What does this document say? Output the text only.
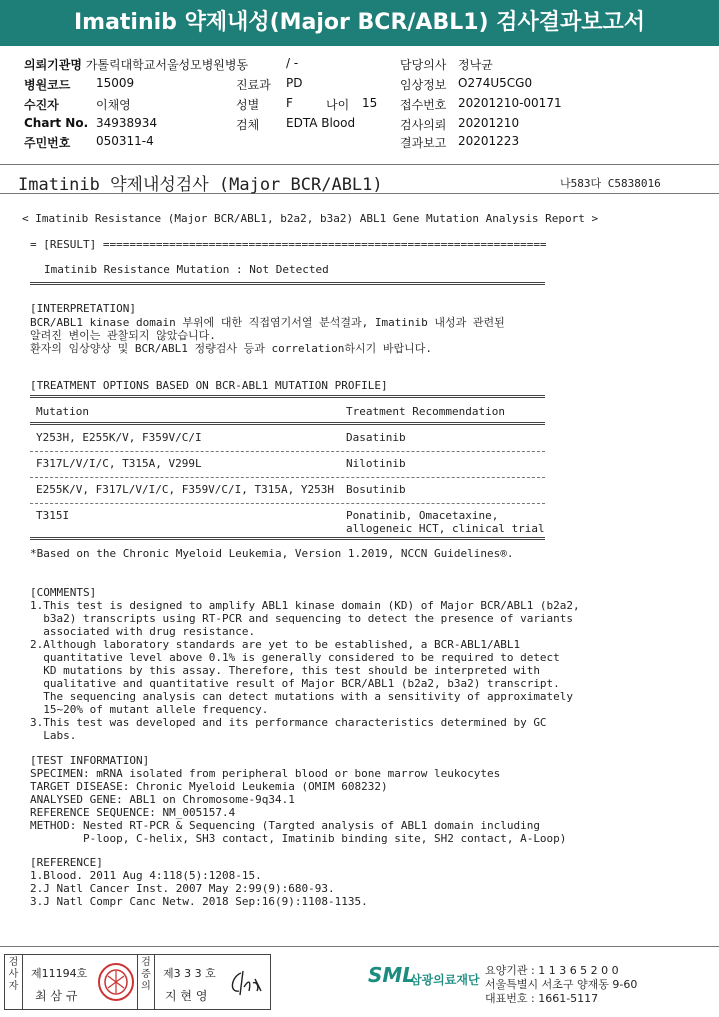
Imatinib 약제내성(Major BCR/ABL1) 검사결과보고서
의뢰기관명 가톨릭대학교서울성모병원병동
병원코드 15009
수진자	이채영
Chart No. 34938934
주민번호 050311-4
/ -
진료과 PD
성별 F	나이 15
검체 EDTA Blood
담당의사 정낙균
임상정보 O274U5CG0
접수번호 20201210-00171
검사의뢰 20201210
결과보고 20201223
Imatinib 약제내성검사 (Major BCR/ABL1)	나583다 C5838016
< Imatinib Resistance (Major BCR/ABL1, b2a2, b3a2) ABL1 Gene Mutation Analysis Report >
= [RESULT] ===================================================================
Imatinib Resistance Mutation : Not Detected
[INTERPRETATION]
BCR/ABL1 kinase domain 부위에 대한 직접염기서열 분석결과, Imatinib 내성과 관련된
알려진 변이는 관찰되지 않았습니다.
환자의 임상양상 및 BCR/ABL1 정량검사 등과 correlation하시기 바랍니다.
[TREATMENT OPTIONS BASED ON BCR-ABL1 MUTATION PROFILE]
Mutation	Treatment Recommendation
Y253H, E255K/V, F359V/C/I	Dasatinib
F317L/V/I/C, T315A, V299L	Nilotinib
E255K/V, F317L/V/I/C, F359V/C/I, T315A, Y253H Bosutinib
T315I	Ponatinib, Omacetaxine,
allogeneic HCT, clinical trial
*Based on the Chronic Myeloid Leukemia, Version 1.2019, NCCN Guidelines®.
[COMMENTS]
1.This test is designed to amplify ABL1 kinase domain (KD) of Major BCR/ABL1 (b2a2,
b3a2) transcripts using RT-PCR and sequencing to detect the presence of variants
associated with drug resistance.
2.Although laboratory standards are yet to be established, a BCR-ABL1/ABL1
quantitative level above 0.1% is generally considered to be required to detect
KD mutations by this assay. Therefore, this test should be interpreted with
qualitative and quantitative result of Major BCR/ABL1 (b2a2, b3a2) transcript.
The sequencing analysis can detect mutations with a sensitivity of approximately
15~20% of mutant allele frequency.
3.This test was developed and its performance characteristics determined by GC
Labs.
[TEST INFORMATION]
SPECIMEN: mRNA isolated from peripheral blood or bone marrow leukocytes
TARGET DISEASE: Chronic Myeloid Leukemia (OMIM 608232)
ANALYSED GENE: ABL1 on Chromosome-9q34.1
REFERENCE SEQUENCE: NM_005157.4
METHOD: Nested RT-PCR & Sequencing (Targted analysis of ABL1 domain including
P-loop, C-helix, SH3 contact, Imatinib binding site, SH2 contact, A-Loop)
[REFERENCE]
1.Blood. 2011 Aug 4:118(5):1208-15.
2.J Natl Cancer Inst. 2007 May 2:99(9):680-93.
3.J Natl Compr Canc Netw. 2018 Sep:16(9):1108-1135.
검
사
자
제11194호
최 삼 규
검
증
의
제3 3 3 호
지 현 영
SML
삼광의료재단
요양기관 : 1 1 3 6 5 2 0 0
서울특별시 서초구 양재동 9-60
대표번호 : 1661-5117
